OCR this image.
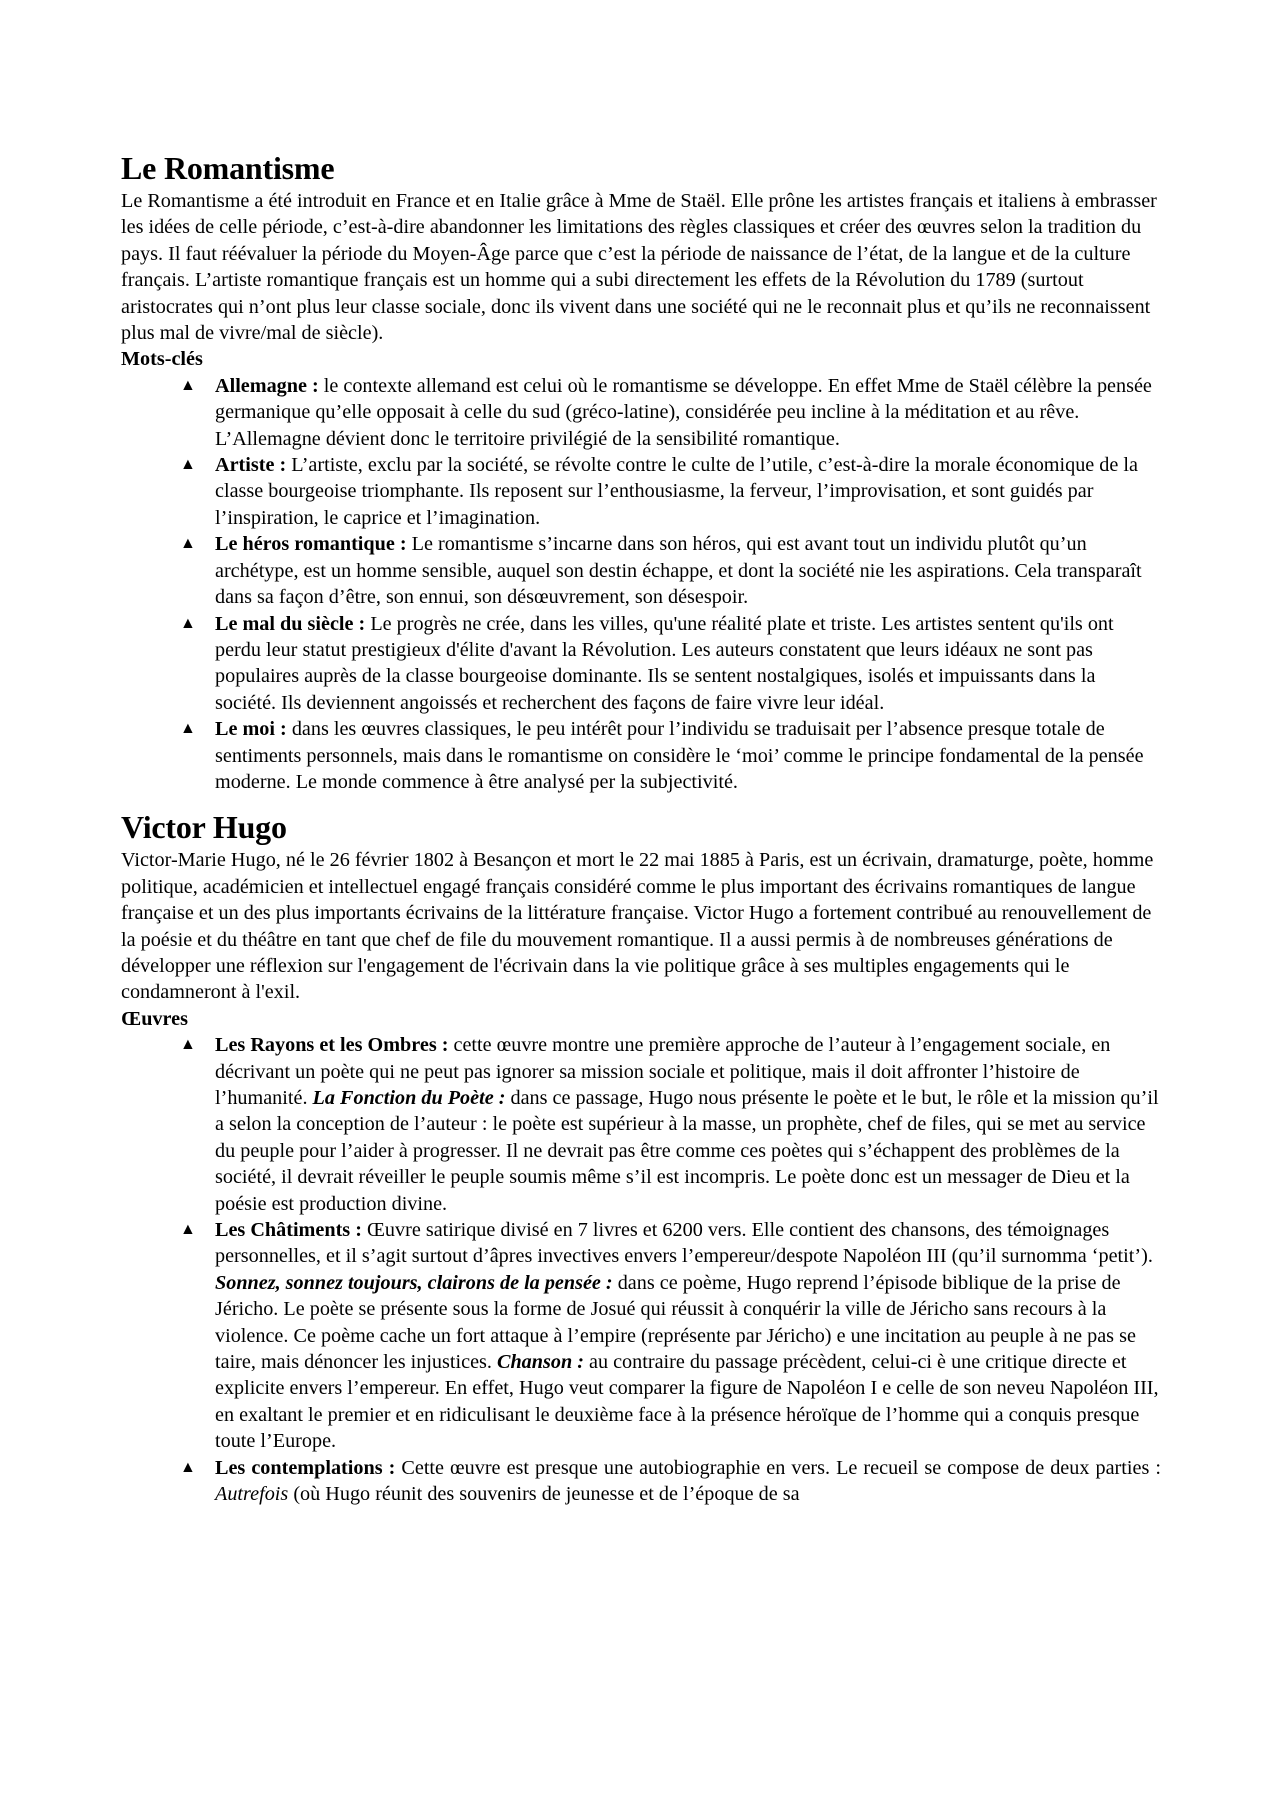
Le Romantisme

Le Romantisme a été introduit en France et en Italie grâce à Mme de Staël. Elle prône les artistes français et italiens à embrasser les idées de celle période, c’est-à-dire abandonner les limitations des règles classiques et créer des œuvres selon la tradition du pays. Il faut réévaluer la période du Moyen-Âge parce que c’est la période de naissance de l’état, de la langue et de la culture français. L’artiste romantique français est un homme qui a subi directement les effets de la Révolution du 1789 (surtout aristocrates qui n’ont plus leur classe sociale, donc ils vivent dans une société qui ne le reconnait plus et qu’ils ne reconnaissent plus mal de vivre/mal de siècle).

Mots-clés

▲ Allemagne : le contexte allemand est celui où le romantisme se développe. En effet Mme de Staël célèbre la pensée germanique qu’elle opposait à celle du sud (gréco-latine), considérée peu incline à la méditation et au rêve. L’Allemagne dévient donc le territoire privilégié de la sensibilité romantique.
▲ Artiste : L’artiste, exclu par la société, se révolte contre le culte de l’utile, c’est-à-dire la morale économique de la classe bourgeoise triomphante. Ils reposent sur l’enthousiasme, la ferveur, l’improvisation, et sont guidés par l’inspiration, le caprice et l’imagination.
▲ Le héros romantique : Le romantisme s’incarne dans son héros, qui est avant tout un individu plutôt qu’un archétype, est un homme sensible, auquel son destin échappe, et dont la société nie les aspirations. Cela transparaît dans sa façon d’être, son ennui, son désœuvrement, son désespoir.
▲ Le mal du siècle : Le progrès ne crée, dans les villes, qu'une réalité plate et triste. Les artistes sentent qu'ils ont perdu leur statut prestigieux d'élite d'avant la Révolution. Les auteurs constatent que leurs idéaux ne sont pas populaires auprès de la classe bourgeoise dominante. Ils se sentent nostalgiques, isolés et impuissants dans la société. Ils deviennent angoissés et recherchent des façons de faire vivre leur idéal.
▲ Le moi : dans les œuvres classiques, le peu intérêt pour l’individu se traduisait per l’absence presque totale de sentiments personnels, mais dans le romantisme on considère le ‘moi’ comme le principe fondamental de la pensée moderne. Le monde commence à être analysé per la subjectivité.
Victor Hugo

Victor-Marie Hugo, né le 26 février 1802 à Besançon et mort le 22 mai 1885 à Paris, est un écrivain, dramaturge, poète, homme politique, académicien et intellectuel engagé français considéré comme le plus important des écrivains romantiques de langue française et un des plus importants écrivains de la littérature française. Victor Hugo a fortement contribué au renouvellement de la poésie et du théâtre en tant que chef de file du mouvement romantique. Il a aussi permis à de nombreuses générations de développer une réflexion sur l'engagement de l'écrivain dans la vie politique grâce à ses multiples engagements qui le condamneront à l'exil.

Œuvres

▲ Les Rayons et les Ombres : cette œuvre montre une première approche de l’auteur à l’engagement sociale, en décrivant un poète qui ne peut pas ignorer sa mission sociale et politique, mais il doit affronter l’histoire de l’humanité. La Fonction du Poète : dans ce passage, Hugo nous présente le poète et le but, le rôle et la mission qu’il a selon la conception de l’auteur : le poète est supérieur à la masse, un prophète, chef de files, qui se met au service du peuple pour l’aider à progresser. Il ne devrait pas être comme ces poètes qui s’échappent des problèmes de la société, il devrait réveiller le peuple soumis même s’il est incompris. Le poète donc est un messager de Dieu et la poésie est production divine.
▲ Les Châtiments : Œuvre satirique divisé en 7 livres et 6200 vers. Elle contient des chansons, des témoignages personnelles, et il s’agit surtout d’âpres invectives envers l’empereur/despote Napoléon III (qu’il surnomma ‘petit’). Sonnez, sonnez toujours, clairons de la pensée : dans ce poème, Hugo reprend l’épisode biblique de la prise de Jéricho. Le poète se présente sous la forme de Josué qui réussit à conquérir la ville de Jéricho sans recours à la violence. Ce poème cache un fort attaque à l’empire (représente par Jéricho) e une incitation au peuple à ne pas se taire, mais dénoncer les injustices. Chanson : au contraire du passage précèdent, celui-ci è une critique directe et explicite envers l’empereur. En effet, Hugo veut comparer la figure de Napoléon I e celle de son neveu Napoléon III, en exaltant le premier et en ridiculisant le deuxième face à la présence héroïque de l’homme qui a conquis presque toute l’Europe.
▲ Les contemplations : Cette œuvre est presque une autobiographie en vers. Le recueil se compose de deux parties : Autrefois (où Hugo réunit des souvenirs de jeunesse et de l’époque de sa
